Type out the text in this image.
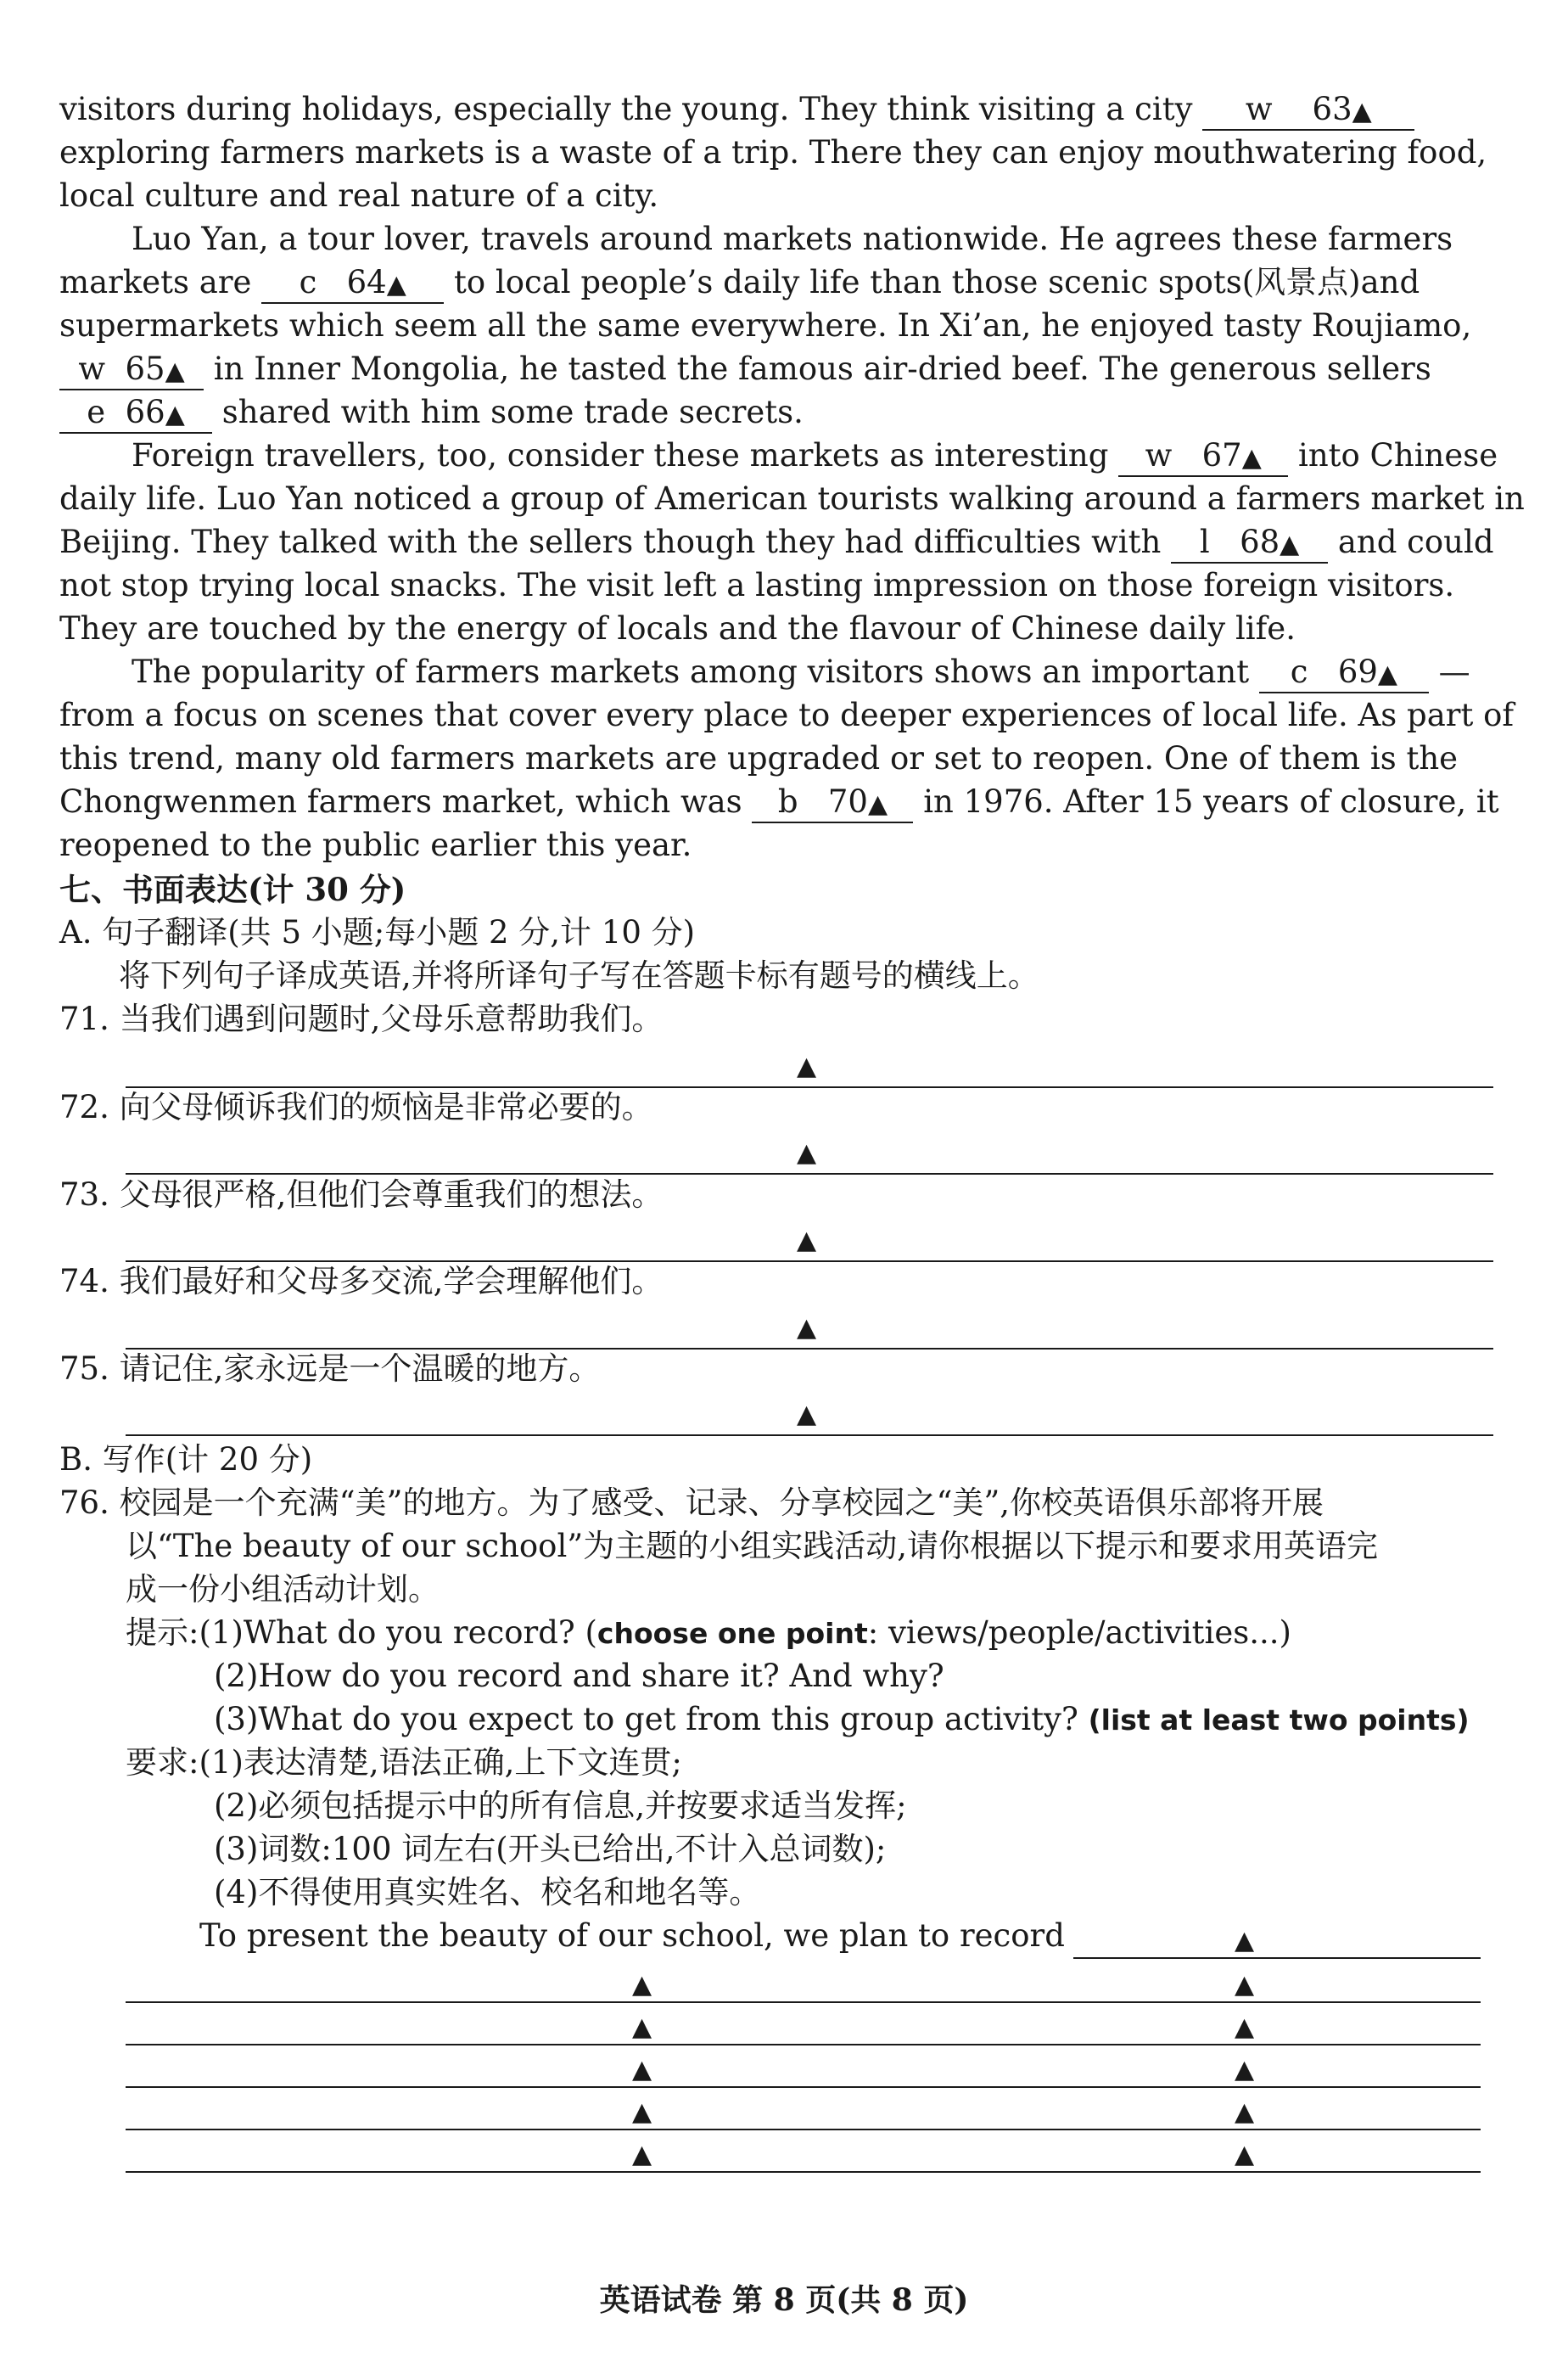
visitors during holidays, especially the young. They think visiting a city w 63▲
exploring farmers markets is a waste of a trip. There they can enjoy mouthwatering food,
local culture and real nature of a city.
Luo Yan, a tour lover, travels around markets nationwide. He agrees these farmers
markets are c 64▲ to local people’s daily life than those scenic spots(风景点)and
supermarkets which seem all the same everywhere. In Xi’an, he enjoyed tasty Roujiamo,
w 65▲ in Inner Mongolia, he tasted the famous air-dried beef. The generous sellers
e 66▲ shared with him some trade secrets.
Foreign travellers, too, consider these markets as interesting w 67▲ into Chinese
daily life. Luo Yan noticed a group of American tourists walking around a farmers market in
Beijing. They talked with the sellers though they had difficulties with l 68▲ and could
not stop trying local snacks. The visit left a lasting impression on those foreign visitors.
They are touched by the energy of locals and the flavour of Chinese daily life.
The popularity of farmers markets among visitors shows an important c 69▲ —
from a focus on scenes that cover every place to deeper experiences of local life. As part of
this trend, many old farmers markets are upgraded or set to reopen. One of them is the
Chongwenmen farmers market, which was b 70▲ in 1976. After 15 years of closure, it
reopened to the public earlier this year.
七、书面表达(计 30 分)
A. 句子翻译(共 5 小题;每小题 2 分,计 10 分)
将下列句子译成英语,并将所译句子写在答题卡标有题号的横线上。
71. 当我们遇到问题时,父母乐意帮助我们。
▲
72. 向父母倾诉我们的烦恼是非常必要的。
▲
73. 父母很严格,但他们会尊重我们的想法。
▲
74. 我们最好和父母多交流,学会理解他们。
▲
75. 请记住,家永远是一个温暖的地方。
▲
B. 写作(计 20 分)
76. 校园是一个充满“美”的地方。为了感受、记录、分享校园之“美”,你校英语俱乐部将开展
以“The beauty of our school”为主题的小组实践活动,请你根据以下提示和要求用英语完
成一份小组活动计划。
提示:(1)What do you record? (choose one point: views/people/activities...)
(2)How do you record and share it? And why?
(3)What do you expect to get from this group activity? (list at least two points)
要求:(1)表达清楚,语法正确,上下文连贯;
(2)必须包括提示中的所有信息,并按要求适当发挥;
(3)词数:100 词左右(开头已给出,不计入总词数);
(4)不得使用真实姓名、校名和地名等。
To present the beauty of our school, we plan to record	▲
▲	▲
▲	▲
▲	▲
▲	▲
▲	▲
英语试卷 第 8 页(共 8 页)
